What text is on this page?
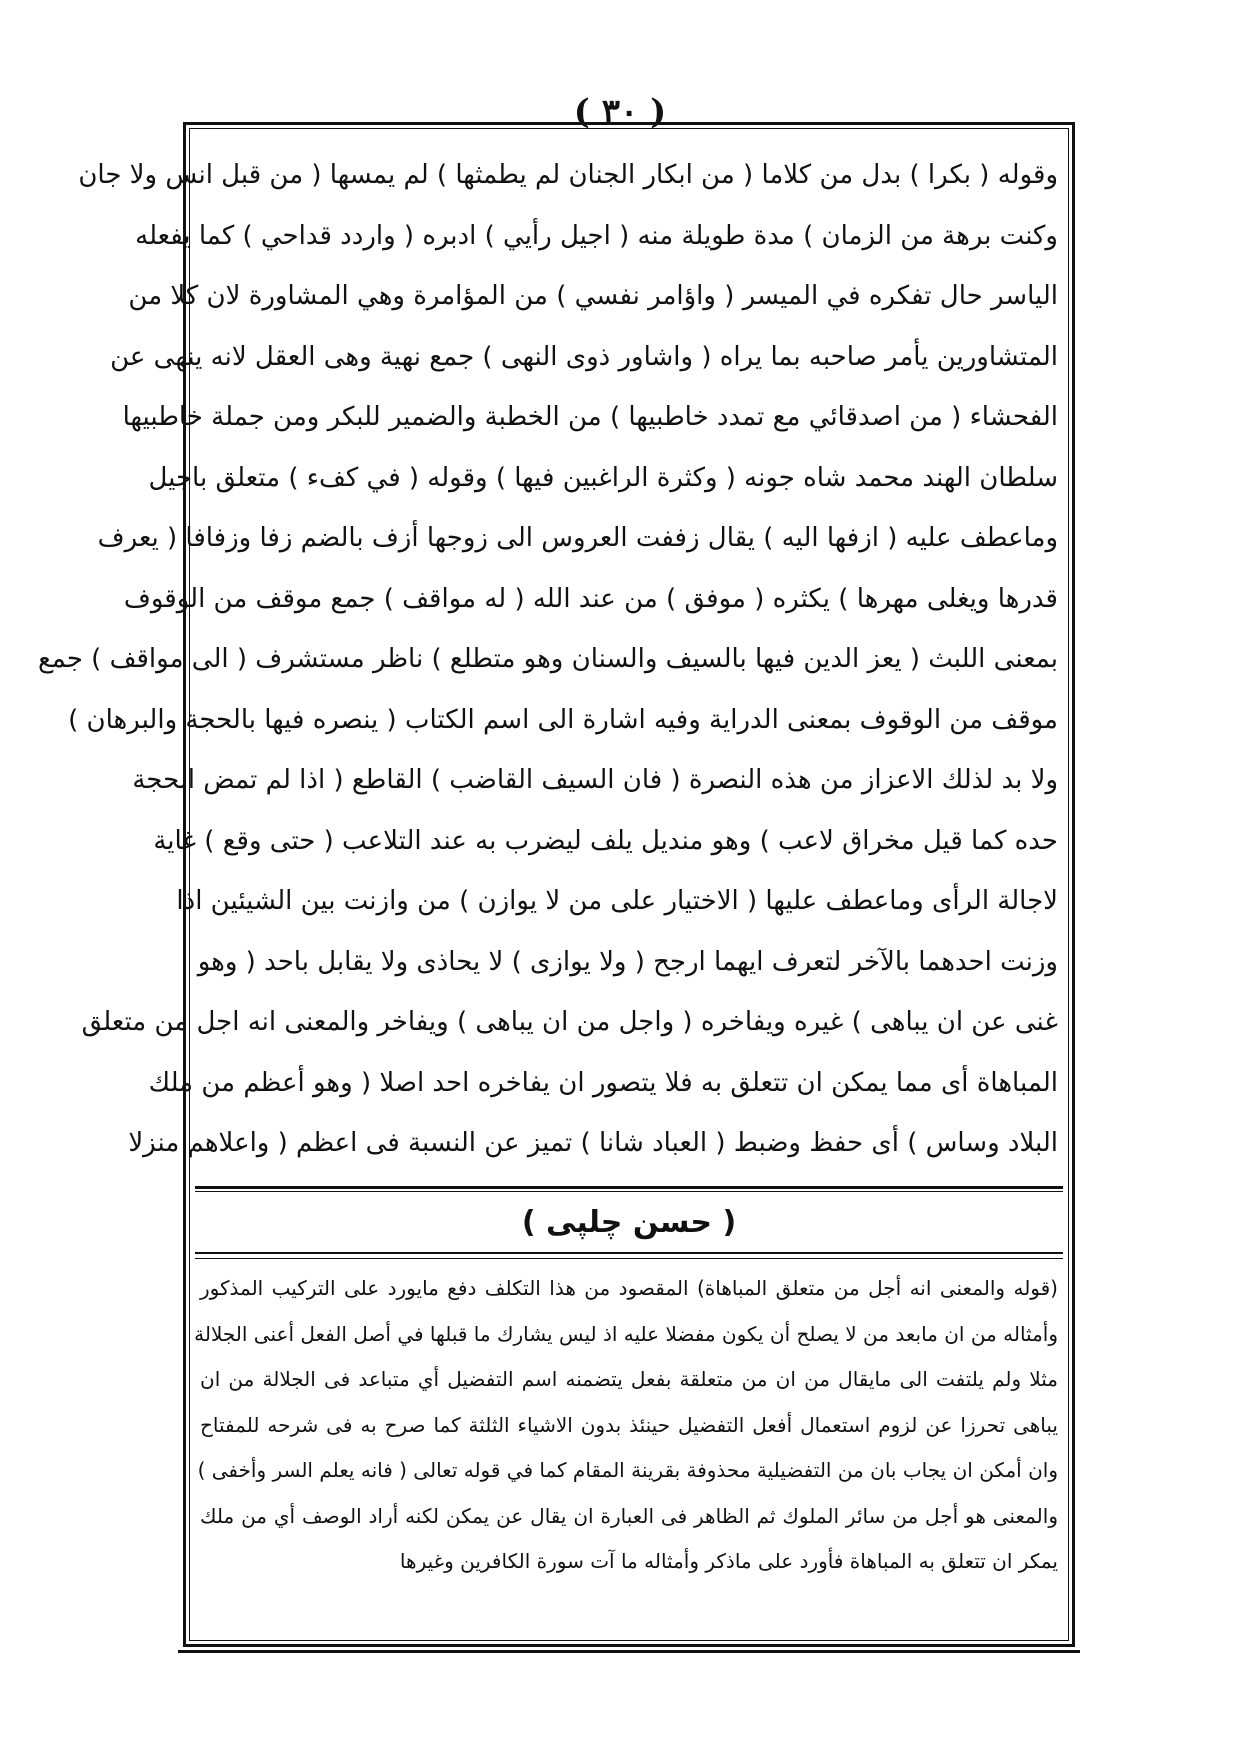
( ٣٠ )
وقوله ( بكرا ) بدل من كلاما ( من ابكار الجنان لم يطمثها ) لم يمسها ( من قبل انس ولا جان
وكنت برهة من الزمان ) مدة طويلة منه ( اجيل رأيي ) ادبره ( واردد قداحي ) كما يفعله
الياسر حال تفكره في الميسر ( واؤامر نفسي ) من المؤامرة وهي المشاورة لان كلا من
المتشاورين يأمر صاحبه بما يراه ( واشاور ذوى النهى ) جمع نهية وهى العقل لانه ينهى عن
الفحشاء ( من اصدقائي مع تمدد خاطبيها ) من الخطبة والضمير للبكر ومن جملة خاطبيها
سلطان الهند محمد شاه جونه ( وكثرة الراغبين فيها ) وقوله ( في كفء ) متعلق باجيل
وماعطف عليه ( ازفها اليه ) يقال زففت العروس الى زوجها أزف بالضم زفا وزفافا ( يعرف
قدرها ويغلى مهرها ) يكثره ( موفق ) من عند الله ( له مواقف ) جمع موقف من الوقوف
بمعنى اللبث ( يعز الدين فيها بالسيف والسنان وهو متطلع ) ناظر مستشرف ( الى مواقف ) جمع
موقف من الوقوف بمعنى الدراية وفيه اشارة الى اسم الكتاب ( ينصره فيها بالحجة والبرهان )
ولا بد لذلك الاعزاز من هذه النصرة ( فان السيف القاضب ) القاطع ( اذا لم تمض الحجة
حده كما قيل مخراق لاعب ) وهو منديل يلف ليضرب به عند التلاعب ( حتى وقع ) غاية
لاجالة الرأى وماعطف عليها ( الاختيار على من لا يوازن ) من وازنت بين الشيئين اذا
وزنت احدهما بالآخر لتعرف ايهما ارجح ( ولا يوازى ) لا يحاذى ولا يقابل باحد ( وهو
غنى عن ان يباهى ) غيره ويفاخره ( واجل من ان يباهى ) ويفاخر والمعنى انه اجل من متعلق
المباهاة أى مما يمكن ان تتعلق به فلا يتصور ان يفاخره احد اصلا ( وهو أعظم من ملك
البلاد وساس ) أى حفظ وضبط ( العباد شانا ) تميز عن النسبة فى اعظم ( واعلاهم منزلا
( حسن چلپى )
(قوله والمعنى انه أجل من متعلق المباهاة) المقصود من هذا التكلف دفع مايورد على التركيب المذكور
وأمثاله من ان مابعد من لا يصلح أن يكون مفضلا عليه اذ ليس يشارك ما قبلها في أصل الفعل أعنى الجلالة
مثلا ولم يلتفت الى مايقال من ان من متعلقة بفعل يتضمنه اسم التفضيل أي متباعد فى الجلالة من ان
يباهى تحرزا عن لزوم استعمال أفعل التفضيل حينئذ بدون الاشياء الثلثة كما صرح به فى شرحه للمفتاح
وان أمكن ان يجاب بان من التفضيلية محذوفة بقرينة المقام كما في قوله تعالى ( فانه يعلم السر وأخفى )
والمعنى هو أجل من سائر الملوك ثم الظاهر فى العبارة ان يقال عن يمكن لكنه أراد الوصف أي من ملك
يمكر ان تتعلق به المباهاة فأورد على ماذكر وأمثاله ما آت سورة الكافرين وغيرها
